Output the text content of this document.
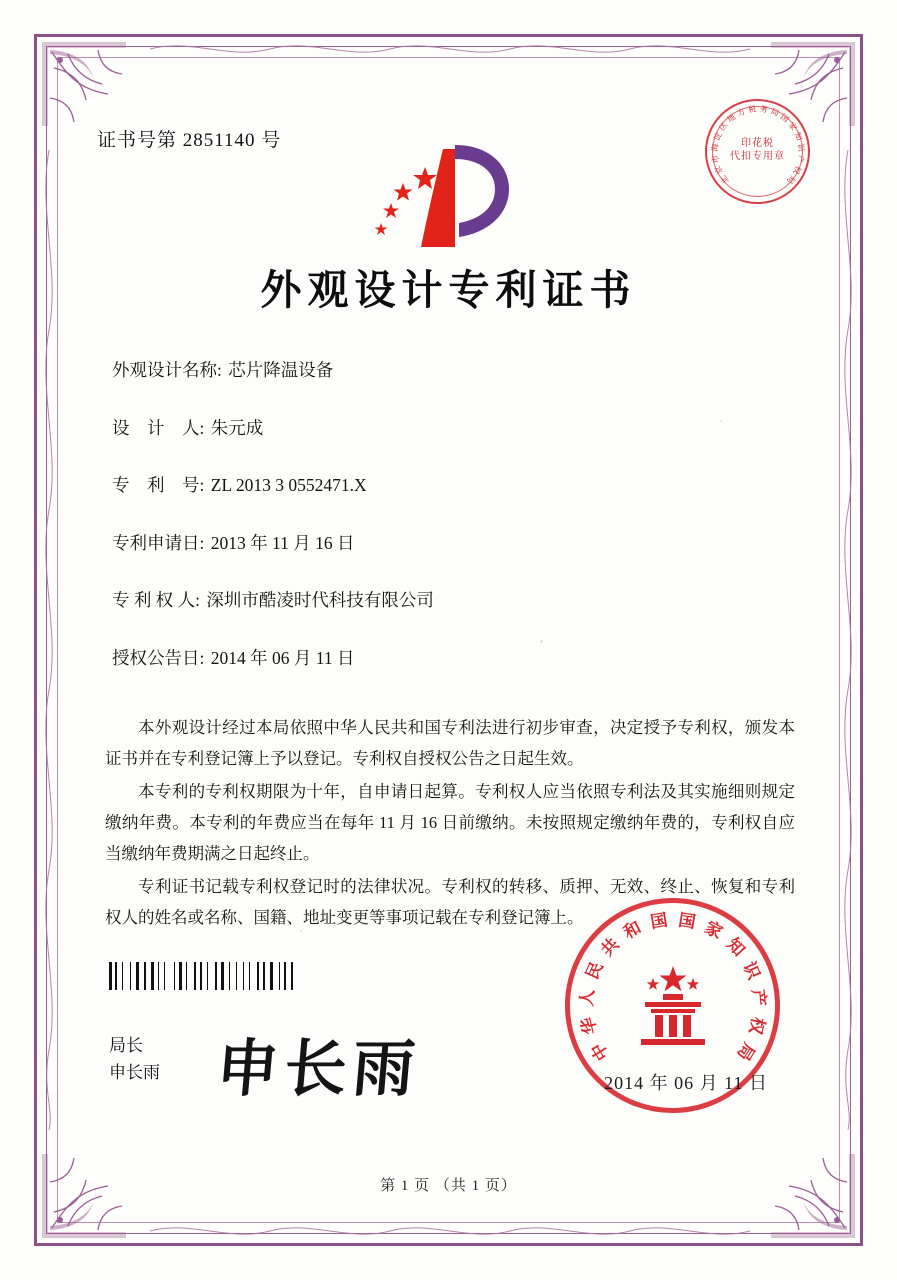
证书号第 2851140 号
北
京
市
海
淀
区
地
方 税 务 局
国
家
知
识
产
权
局
印花税
代扣专用章
外观设计专利证书
外观设计名称: 芯片降温设备
设　计　人: 朱元成
专　利　号: ZL 2013 3 0552471.X
专利申请日: 2013 年 11 月 16 日
专 利 权 人: 深圳市酷凌时代科技有限公司
授权公告日: 2014 年 06 月 11 日

本外观设计经过本局依照中华人民共和国专利法进行初步审查，决定授予专利权，颁发本证书并在专利登记簿上予以登记。专利权自授权公告之日起生效。

本专利的专利权期限为十年，自申请日起算。专利权人应当依照专利法及其实施细则规定缴纳年费。本专利的年费应当在每年 11 月 16 日前缴纳。未按照规定缴纳年费的，专利权自应当缴纳年费期满之日起终止。

专利证书记载专利权登记时的法律状况。专利权的转移、质押、无效、终止、恢复和专利权人的姓名或名称、国籍、地址变更等事项记载在专利登记簿上。

局长
申长雨 申长雨	中
华
人
民
共
和 国 国 家
知
识
产
权
局
2014 年 06 月 11 日
第 1 页 （共 1 页）
